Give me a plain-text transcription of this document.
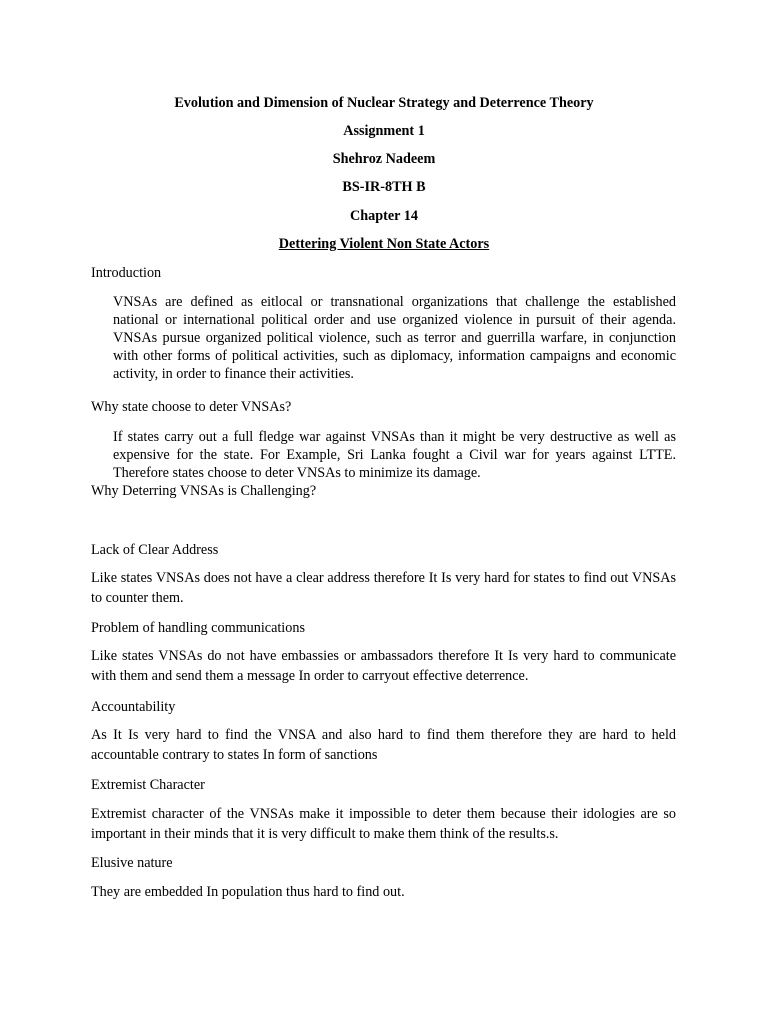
Evolution and Dimension of Nuclear Strategy and Deterrence Theory
Assignment 1
Shehroz Nadeem
BS-IR-8TH B
Chapter 14
Dettering Violent Non State Actors
Introduction
VNSAs are defined as eitlocal or transnational organizations that challenge the established national or international political order and use organized violence in pursuit of their agenda. VNSAs pursue organized political violence, such as terror and guerrilla warfare, in conjunction with other forms of political activities, such as diplomacy, information campaigns and economic activity, in order to finance their activities.
Why state choose to deter VNSAs?
If states carry out a full fledge war against VNSAs than it might be very destructive as well as expensive for the state. For Example, Sri Lanka fought a Civil war for years against LTTE. Therefore states choose to deter VNSAs to minimize its damage.
Why Deterring VNSAs is Challenging?
Lack of Clear Address
Like states VNSAs does not have a clear address therefore It Is very hard for states to find out VNSAs to counter them.
Problem of handling communications
Like states VNSAs do not have embassies or ambassadors therefore It Is very hard to communicate with them and send them a message In order to carryout effective deterrence.
Accountability
As It Is very hard to find the VNSA and also hard to find them therefore they are hard to held accountable contrary to states In form of sanctions
Extremist Character
Extremist character of the VNSAs make it impossible to deter them because their idologies are so important in their minds that it is very difficult to make them think of the results.s.
Elusive nature
They are embedded In population thus hard to find out.
